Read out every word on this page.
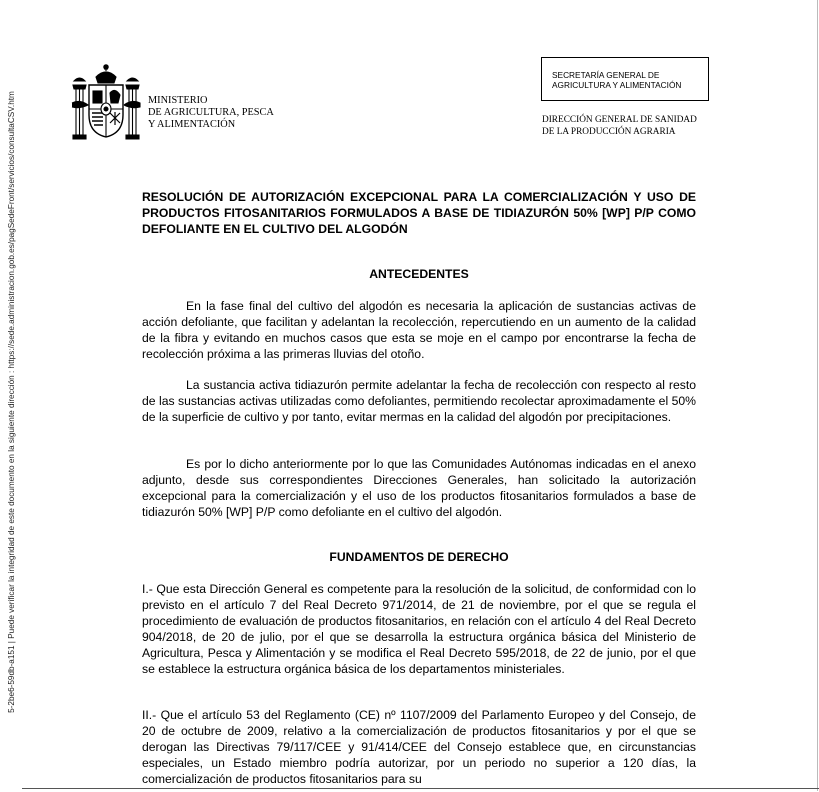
5-2be6-59db-a151 | Puede verificar la integridad de este documento en la siguiente dirección : https://sede.administracion.gob.es/pagSedeFront/servicios/consultaCSV.htm	MINISTERIO
DE AGRICULTURA, PESCA
Y ALIMENTACIÓN
SECRETARÍA GENERAL DE
AGRICULTURA Y ALIMENTACIÓN
DIRECCIÓN GENERAL DE SANIDAD
DE LA PRODUCCIÓN AGRARIA
RESOLUCIÓN DE AUTORIZACIÓN EXCEPCIONAL PARA LA COMERCIALIZACIÓN Y USO DE PRODUCTOS FITOSANITARIOS FORMULADOS A BASE DE TIDIAZURÓN 50% [WP] P/P COMO DEFOLIANTE EN EL CULTIVO DEL ALGODÓN
ANTECEDENTES

En la fase final del cultivo del algodón es necesaria la aplicación de sustancias activas de acción defoliante, que facilitan y adelantan la recolección, repercutiendo en un aumento de la calidad de la fibra y evitando en muchos casos que esta se moje en el campo por encontrarse la fecha de recolección próxima a las primeras lluvias del otoño.

La sustancia activa tidiazurón permite adelantar la fecha de recolección con respecto al resto de las sustancias activas utilizadas como defoliantes, permitiendo recolectar aproximadamente el 50% de la superficie de cultivo y por tanto, evitar mermas en la calidad del algodón por precipitaciones.

Es por lo dicho anteriormente por lo que las Comunidades Autónomas indicadas en el anexo adjunto, desde sus correspondientes Direcciones Generales, han solicitado la autorización excepcional para la comercialización y el uso de los productos fitosanitarios formulados a base de tidiazurón 50% [WP] P/P como defoliante en el cultivo del algodón.

FUNDAMENTOS DE DERECHO

I.- Que esta Dirección General es competente para la resolución de la solicitud, de conformidad con lo previsto en el artículo 7 del Real Decreto 971/2014, de 21 de noviembre, por el que se regula el procedimiento de evaluación de productos fitosanitarios, en relación con el artículo 4 del Real Decreto 904/2018, de 20 de julio, por el que se desarrolla la estructura orgánica básica del Ministerio de Agricultura, Pesca y Alimentación y se modifica el Real Decreto 595/2018, de 22 de junio, por el que se establece la estructura orgánica básica de los departamentos ministeriales.

II.- Que el artículo 53 del Reglamento (CE) nº 1107/2009 del Parlamento Europeo y del Consejo, de 20 de octubre de 2009, relativo a la comercialización de productos fitosanitarios y por el que se derogan las Directivas 79/117/CEE y 91/414/CEE del Consejo establece que, en circunstancias especiales, un Estado miembro podría autorizar, por un periodo no superior a 120 días, la comercialización de productos fitosanitarios para su
